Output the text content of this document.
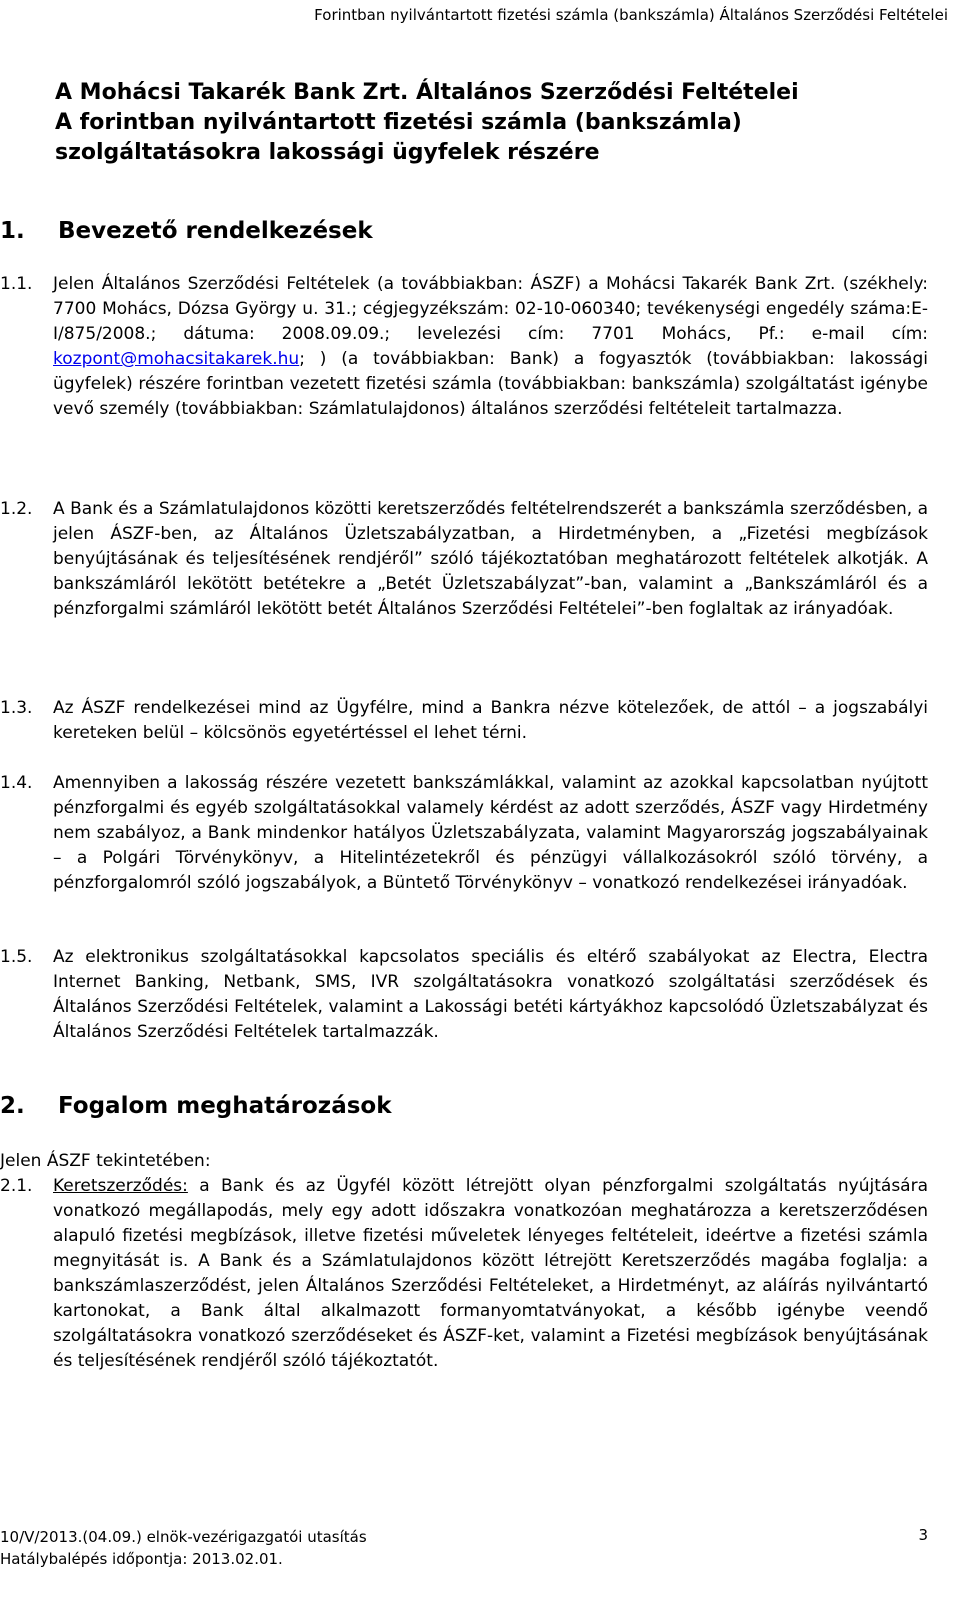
Forintban nyilvántartott fizetési számla (bankszámla) Általános Szerződési Feltételei
A Mohácsi Takarék Bank Zrt. Általános Szerződési Feltételei
A forintban nyilvántartott fizetési számla (bankszámla)
szolgáltatásokra lakossági ügyfelek részére
1. Bevezető rendelkezések
1.1. Jelen Általános Szerződési Feltételek (a továbbiakban: ÁSZF) a Mohácsi Takarék Bank Zrt. (székhely: 7700 Mohács, Dózsa György u. 31.; cégjegyzékszám: 02-10-060340; tevékenységi engedély száma:E-I/875/2008.; dátuma: 2008.09.09.; levelezési cím: 7701 Mohács, Pf.: e-mail cím: kozpont@mohacsitakarek.hu; ) (a továbbiakban: Bank) a fogyasztók (továbbiakban: lakossági ügyfelek) részére forintban vezetett fizetési számla (továbbiakban: bankszámla) szolgáltatást igénybe vevő személy (továbbiakban: Számlatulajdonos) általános szerződési feltételeit tartalmazza.
1.2. A Bank és a Számlatulajdonos közötti keretszerződés feltételrendszerét a bankszámla szerződésben, a jelen ÁSZF-ben, az Általános Üzletszabályzatban, a Hirdetményben, a „Fizetési megbízások benyújtásának és teljesítésének rendjéről” szóló tájékoztatóban meghatározott feltételek alkotják. A bankszámláról lekötött betétekre a „Betét Üzletszabályzat”-ban, valamint a „Bankszámláról és a pénzforgalmi számláról lekötött betét Általános Szerződési Feltételei”-ben foglaltak az irányadóak.
1.3. Az ÁSZF rendelkezései mind az Ügyfélre, mind a Bankra nézve kötelezőek, de attól – a jogszabályi kereteken belül – kölcsönös egyetértéssel el lehet térni.
1.4. Amennyiben a lakosság részére vezetett bankszámlákkal, valamint az azokkal kapcsolatban nyújtott pénzforgalmi és egyéb szolgáltatásokkal valamely kérdést az adott szerződés, ÁSZF vagy Hirdetmény nem szabályoz, a Bank mindenkor hatályos Üzletszabályzata, valamint Magyarország jogszabályainak – a Polgári Törvénykönyv, a Hitelintézetekről és pénzügyi vállalkozásokról szóló törvény, a pénzforgalomról szóló jogszabályok, a Büntető Törvénykönyv – vonatkozó rendelkezései irányadóak.
1.5. Az elektronikus szolgáltatásokkal kapcsolatos speciális és eltérő szabályokat az Electra, Electra Internet Banking, Netbank, SMS, IVR szolgáltatásokra vonatkozó szolgáltatási szerződések és Általános Szerződési Feltételek, valamint a Lakossági betéti kártyákhoz kapcsolódó Üzletszabályzat és Általános Szerződési Feltételek tartalmazzák.
2. Fogalom meghatározások
Jelen ÁSZF tekintetében:
2.1. Keretszerződés: a Bank és az Ügyfél között létrejött olyan pénzforgalmi szolgáltatás nyújtására vonatkozó megállapodás, mely egy adott időszakra vonatkozóan meghatározza a keretszerződésen alapuló fizetési megbízások, illetve fizetési műveletek lényeges feltételeit, ideértve a fizetési számla megnyitását is. A Bank és a Számlatulajdonos között létrejött Keretszerződés magába foglalja: a bankszámlaszerződést, jelen Általános Szerződési Feltételeket, a Hirdetményt, az aláírás nyilvántartó kartonokat, a Bank által alkalmazott formanyomtatványokat, a később igénybe veendő szolgáltatásokra vonatkozó szerződéseket és ÁSZF-ket, valamint a Fizetési megbízások benyújtásának és teljesítésének rendjéről szóló tájékoztatót.
10/V/2013.(04.09.) elnök-vezérigazgatói utasítás
Hatálybalépés időpontja: 2013.02.01.
3
